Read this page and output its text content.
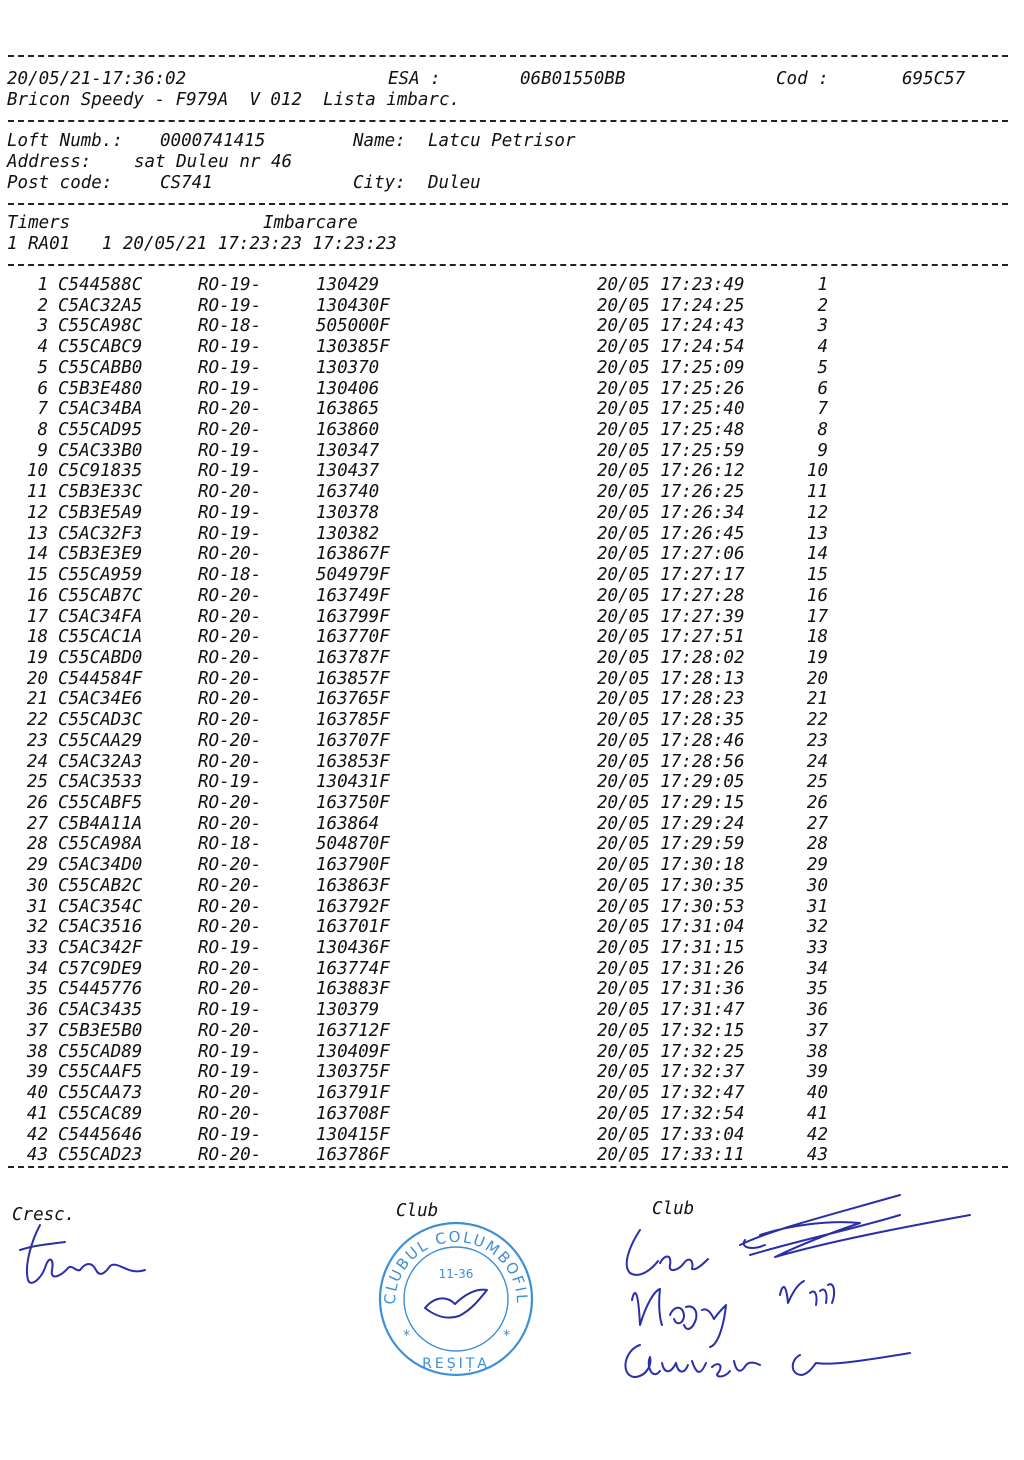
20/05/21-17:36:02	ESA :	06B01550BB	Cod :	695C57
Bricon Speedy - F979A  V 012  Lista imbarc.
Loft Numb.: 0000741415	Name: Latcu Petrisor
Address: sat Duleu nr 46
Post code:	CS741	City: Duleu
Timers	Imbarcare
1 RA01   1 20/05/21 17:23:23 17:23:23
1 C544588C	RO-19-	130429	20/05 17:23:49	1
2 C5AC32A5	RO-19-	130430F	20/05 17:24:25	2
3 C55CA98C	RO-18-	505000F	20/05 17:24:43	3
4 C55CABC9	RO-19-	130385F	20/05 17:24:54	4
5 C55CABB0	RO-19-	130370	20/05 17:25:09	5
6 C5B3E480	RO-19-	130406	20/05 17:25:26	6
7 C5AC34BA	RO-20-	163865	20/05 17:25:40	7
8 C55CAD95	RO-20-	163860	20/05 17:25:48	8
9 C5AC33B0	RO-19-	130347	20/05 17:25:59	9
10 C5C91835	RO-19-	130437	20/05 17:26:12	10
11 C5B3E33C	RO-20-	163740	20/05 17:26:25	11
12 C5B3E5A9	RO-19-	130378	20/05 17:26:34	12
13 C5AC32F3	RO-19-	130382	20/05 17:26:45	13
14 C5B3E3E9	RO-20-	163867F	20/05 17:27:06	14
15 C55CA959	RO-18-	504979F	20/05 17:27:17	15
16 C55CAB7C	RO-20-	163749F	20/05 17:27:28	16
17 C5AC34FA	RO-20-	163799F	20/05 17:27:39	17
18 C55CAC1A	RO-20-	163770F	20/05 17:27:51	18
19 C55CABD0	RO-20-	163787F	20/05 17:28:02	19
20 C544584F	RO-20-	163857F	20/05 17:28:13	20
21 C5AC34E6	RO-20-	163765F	20/05 17:28:23	21
22 C55CAD3C	RO-20-	163785F	20/05 17:28:35	22
23 C55CAA29	RO-20-	163707F	20/05 17:28:46	23
24 C5AC32A3	RO-20-	163853F	20/05 17:28:56	24
25 C5AC3533	RO-19-	130431F	20/05 17:29:05	25
26 C55CABF5	RO-20-	163750F	20/05 17:29:15	26
27 C5B4A11A	RO-20-	163864	20/05 17:29:24	27
28 C55CA98A	RO-18-	504870F	20/05 17:29:59	28
29 C5AC34D0	RO-20-	163790F	20/05 17:30:18	29
30 C55CAB2C	RO-20-	163863F	20/05 17:30:35	30
31 C5AC354C	RO-20-	163792F	20/05 17:30:53	31
32 C5AC3516	RO-20-	163701F	20/05 17:31:04	32
33 C5AC342F	RO-19-	130436F	20/05 17:31:15	33
34 C57C9DE9	RO-20-	163774F	20/05 17:31:26	34
35 C5445776	RO-20-	163883F	20/05 17:31:36	35
36 C5AC3435	RO-19-	130379	20/05 17:31:47	36
37 C5B3E5B0	RO-20-	163712F	20/05 17:32:15	37
38 C55CAD89	RO-19-	130409F	20/05 17:32:25	38
39 C55CAAF5	RO-19-	130375F	20/05 17:32:37	39
40 C55CAA73	RO-20-	163791F	20/05 17:32:47	40
41 C55CAC89	RO-20-	163708F	20/05 17:32:54	41
42 C5445646	RO-19-	130415F	20/05 17:33:04	42
43 C55CAD23	RO-20-	163786F	20/05 17:33:11	43
Cresc.	Club	Club
CLUBUL COLUMBOFIL
11-36
*	*
REȘIȚA
